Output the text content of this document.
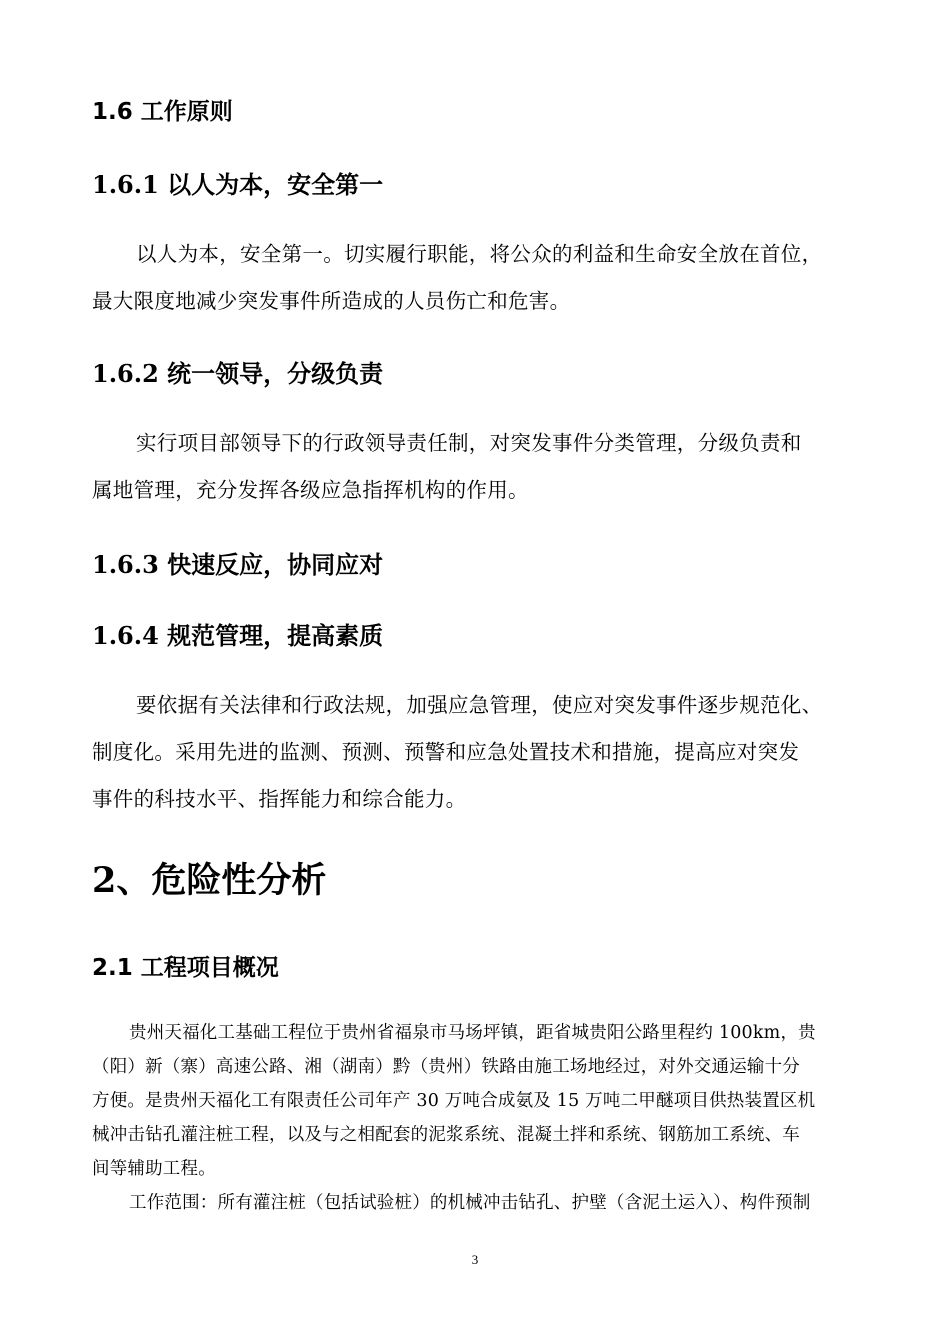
1.6 工作原则
1.6.1 以人为本，安全第一
以人为本，安全第一。切实履行职能，将公众的利益和生命安全放在首位，
最大限度地减少突发事件所造成的人员伤亡和危害。
1.6.2 统一领导，分级负责
实行项目部领导下的行政领导责任制，对突发事件分类管理，分级负责和
属地管理，充分发挥各级应急指挥机构的作用。
1.6.3 快速反应，协同应对
1.6.4 规范管理，提高素质
要依据有关法律和行政法规，加强应急管理，使应对突发事件逐步规范化、
制度化。采用先进的监测、预测、预警和应急处置技术和措施，提高应对突发
事件的科技水平、指挥能力和综合能力。
2、危险性分析
2.1 工程项目概况
贵州天福化工基础工程位于贵州省福泉市马场坪镇，距省城贵阳公路里程约 100km，贵
（阳）新（寨）高速公路、湘（湖南）黔（贵州）铁路由施工场地经过，对外交通运输十分
方便。是贵州天福化工有限责任公司年产 30 万吨合成氨及 15 万吨二甲醚项目供热装置区机
械冲击钻孔灌注桩工程，以及与之相配套的泥浆系统、混凝土拌和系统、钢筋加工系统、车
间等辅助工程。
工作范围：所有灌注桩（包括试验桩）的机械冲击钻孔、护壁（含泥土运入）、构件预制
3
